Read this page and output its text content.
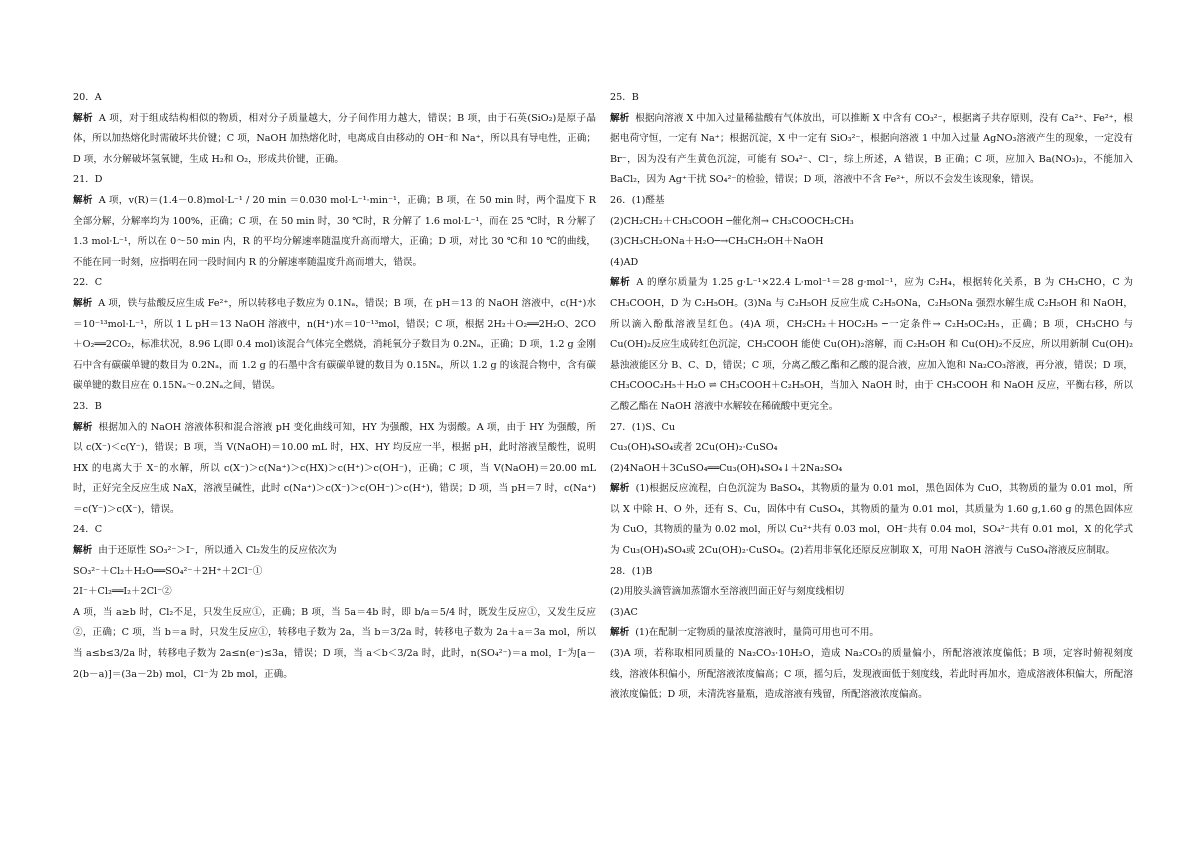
20．A

解析 A 项，对于组成结构相似的物质，相对分子质量越大，分子间作用力越大，错误；B 项，由于石英(SiO₂)是原子晶体，所以加热熔化时需破坏共价键；C 项，NaOH 加热熔化时，电离成自由移动的 OH⁻和 Na⁺，所以具有导电性，正确；D 项，水分解破坏氢氧键，生成 H₂和 O₂，形成共价键，正确。

21．D

解析 A 项，v(R)＝(1.4－0.8)mol·L⁻¹ / 20 min ＝0.030 mol·L⁻¹·min⁻¹，正确；B 项，在 50 min 时，两个温度下 R 全部分解，分解率均为 100%，正确；C 项，在 50 min 时，30 ℃时，R 分解了 1.6 mol·L⁻¹，而在 25 ℃时，R 分解了 1.3 mol·L⁻¹，所以在 0～50 min 内，R 的平均分解速率随温度升高而增大，正确；D 项，对比 30 ℃和 10 ℃的曲线，不能在同一时刻，应指明在同一段时间内 R 的分解速率随温度升高而增大，错误。

22．C

解析 A 项，铁与盐酸反应生成 Fe²⁺，所以转移电子数应为 0.1Nₐ，错误；B 项，在 pH＝13 的 NaOH 溶液中，c(H⁺)水＝10⁻¹³mol·L⁻¹，所以 1 L pH＝13 NaOH 溶液中，n(H⁺)水＝10⁻¹³mol，错误；C 项，根据 2H₂＋O₂══2H₂O、2CO＋O₂══2CO₂，标准状况，8.96 L(即 0.4 mol)该混合气体完全燃烧，消耗氧分子数目为 0.2Nₐ，正确；D 项，1.2 g 金刚石中含有碳碳单键的数目为 0.2Nₐ，而 1.2 g 的石墨中含有碳碳单键的数目为 0.15Nₐ，所以 1.2 g 的该混合物中，含有碳碳单键的数目应在 0.15Nₐ～0.2Nₐ之间，错误。

23．B

解析 根据加入的 NaOH 溶液体积和混合溶液 pH 变化曲线可知，HY 为强酸，HX 为弱酸。A 项，由于 HY 为强酸，所以 c(X⁻)＜c(Y⁻)，错误；B 项，当 V(NaOH)＝10.00 mL 时，HX、HY 均反应一半，根据 pH，此时溶液呈酸性，说明 HX 的电离大于 X⁻的水解，所以 c(X⁻)＞c(Na⁺)＞c(HX)＞c(H⁺)＞c(OH⁻)，正确；C 项，当 V(NaOH)＝20.00 mL 时，正好完全反应生成 NaX，溶液呈碱性，此时 c(Na⁺)＞c(X⁻)＞c(OH⁻)＞c(H⁺)，错误；D 项，当 pH＝7 时，c(Na⁺)＝c(Y⁻)＞c(X⁻)，错误。

24．C

解析 由于还原性 SO₃²⁻＞I⁻，所以通入 Cl₂发生的反应依次为

SO₃²⁻＋Cl₂＋H₂O══SO₄²⁻＋2H⁺＋2Cl⁻①

2I⁻＋Cl₂══I₂＋2Cl⁻②

A 项，当 a≥b 时，Cl₂不足，只发生反应①，正确；B 项，当 5a＝4b 时，即 b/a＝5/4 时，既发生反应①，又发生反应②，正确；C 项，当 b＝a 时，只发生反应①，转移电子数为 2a，当 b＝3/2a 时，转移电子数为 2a＋a＝3a mol，所以当 a≤b≤3/2a 时，转移电子数为 2a≤n(e⁻)≤3a，错误；D 项，当 a＜b＜3/2a 时，此时，n(SO₄²⁻)＝a mol，I⁻为[a－2(b－a)]＝(3a－2b) mol，Cl⁻为 2b mol，正确。

25．B

解析 根据向溶液 X 中加入过量稀盐酸有气体放出，可以推断 X 中含有 CO₃²⁻，根据离子共存原则，没有 Ca²⁺、Fe²⁺，根据电荷守恒，一定有 Na⁺；根据沉淀，X 中一定有 SiO₃²⁻，根据向溶液 1 中加入过量 AgNO₃溶液产生的现象，一定没有 Br⁻，因为没有产生黄色沉淀，可能有 SO₄²⁻、Cl⁻，综上所述，A 错误，B 正确；C 项，应加入 Ba(NO₃)₂，不能加入 BaCl₂，因为 Ag⁺干扰 SO₄²⁻的检验，错误；D 项，溶液中不含 Fe²⁺，所以不会发生该现象，错误。

26．(1)醛基

(2)CH₂CH₂＋CH₃COOH ─催化剂→ CH₃COOCH₂CH₃

(3)CH₃CH₂ONa＋H₂O─→CH₃CH₂OH＋NaOH

(4)AD

解析 A 的摩尔质量为 1.25 g·L⁻¹×22.4 L·mol⁻¹＝28 g·mol⁻¹，应为 C₂H₄，根据转化关系，B 为 CH₃CHO，C 为 CH₃COOH，D 为 C₂H₅OH。(3)Na 与 C₂H₅OH 反应生成 C₂H₅ONa，C₂H₅ONa 强烈水解生成 C₂H₅OH 和 NaOH，所以滴入酚酞溶液呈红色。(4)A 项，CH₂CH₂＋HOC₂H₅ ─一定条件→ C₂H₅OC₂H₅，正确；B 项，CH₃CHO 与 Cu(OH)₂反应生成砖红色沉淀，CH₃COOH 能使 Cu(OH)₂溶解，而 C₂H₅OH 和 Cu(OH)₂不反应，所以用新制 Cu(OH)₂悬浊液能区分 B、C、D，错误；C 项，分离乙酸乙酯和乙酸的混合液，应加入饱和 Na₂CO₃溶液，再分液，错误；D 项，CH₃COOC₂H₅＋H₂O ⇌ CH₃COOH＋C₂H₅OH，当加入 NaOH 时，由于 CH₃COOH 和 NaOH 反应，平衡右移，所以乙酸乙酯在 NaOH 溶液中水解较在稀硫酸中更完全。

27．(1)S、Cu

Cu₃(OH)₄SO₄或者 2Cu(OH)₂·CuSO₄

(2)4NaOH＋3CuSO₄══Cu₃(OH)₄SO₄↓＋2Na₂SO₄

解析 (1)根据反应流程，白色沉淀为 BaSO₄，其物质的量为 0.01 mol，黑色固体为 CuO，其物质的量为 0.01 mol，所以 X 中除 H、O 外，还有 S、Cu，固体中有 CuSO₄，其物质的量为 0.01 mol，其质量为 1.60 g,1.60 g 的黑色固体应为 CuO，其物质的量为 0.02 mol，所以 Cu²⁺共有 0.03 mol，OH⁻共有 0.04 mol，SO₄²⁻共有 0.01 mol，X 的化学式为 Cu₃(OH)₄SO₄或 2Cu(OH)₂·CuSO₄。(2)若用非氧化还原反应制取 X，可用 NaOH 溶液与 CuSO₄溶液反应制取。

28．(1)B

(2)用胶头滴管滴加蒸馏水至溶液凹面正好与刻度线相切

(3)AC

解析 (1)在配制一定物质的量浓度溶液时，量筒可用也可不用。

(3)A 项，若称取相同质量的 Na₂CO₃·10H₂O，造成 Na₂CO₃的质量偏小，所配溶液浓度偏低；B 项，定容时俯视刻度线，溶液体积偏小，所配溶液浓度偏高；C 项，摇匀后，发现液面低于刻度线，若此时再加水，造成溶液体积偏大，所配溶液浓度偏低；D 项，未清洗容量瓶，造成溶液有残留，所配溶液浓度偏高。
